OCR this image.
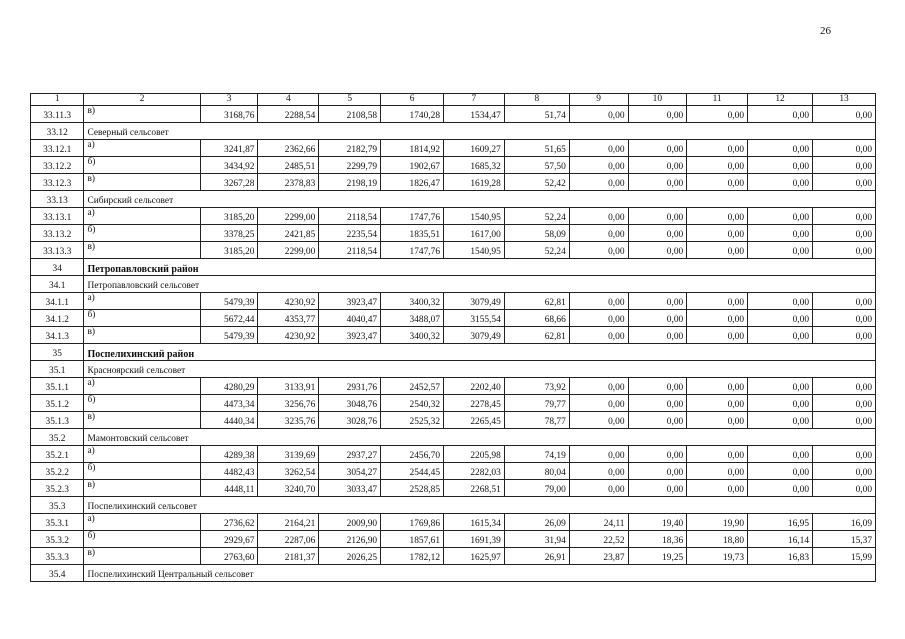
26
1	2	3	4	5	6	7	8	9	10	11	12	13
33.11.3	в)	3168,76	2288,54	2108,58	1740,28	1534,47	51,74	0,00	0,00	0,00	0,00	0,00
33.12	Северный сельсовет											
33.12.1	а)	3241,87	2362,66	2182,79	1814,92	1609,27	51,65	0,00	0,00	0,00	0,00	0,00
33.12.2	б)	3434,92	2485,51	2299,79	1902,67	1685,32	57,50	0,00	0,00	0,00	0,00	0,00
33.12.3	в)	3267,28	2378,83	2198,19	1826,47	1619,28	52,42	0,00	0,00	0,00	0,00	0,00
33.13	Сибирский сельсовет											
33.13.1	а)	3185,20	2299,00	2118,54	1747,76	1540,95	52,24	0,00	0,00	0,00	0,00	0,00
33.13.2	б)	3378,25	2421,85	2235,54	1835,51	1617,00	58,09	0,00	0,00	0,00	0,00	0,00
33.13.3	в)	3185,20	2299,00	2118,54	1747,76	1540,95	52,24	0,00	0,00	0,00	0,00	0,00
34	Петропавловский район											
34.1	Петропавловский сельсовет											
34.1.1	а)	5479,39	4230,92	3923,47	3400,32	3079,49	62,81	0,00	0,00	0,00	0,00	0,00
34.1.2	б)	5672,44	4353,77	4040,47	3488,07	3155,54	68,66	0,00	0,00	0,00	0,00	0,00
34.1.3	в)	5479,39	4230,92	3923,47	3400,32	3079,49	62,81	0,00	0,00	0,00	0,00	0,00
35	Поспелихинский район											
35.1	Красноярский сельсовет											
35.1.1	а)	4280,29	3133,91	2931,76	2452,57	2202,40	73,92	0,00	0,00	0,00	0,00	0,00
35.1.2	б)	4473,34	3256,76	3048,76	2540,32	2278,45	79,77	0,00	0,00	0,00	0,00	0,00
35.1.3	в)	4440,34	3235,76	3028,76	2525,32	2265,45	78,77	0,00	0,00	0,00	0,00	0,00
35.2	Мамонтовский сельсовет											
35.2.1	а)	4289,38	3139,69	2937,27	2456,70	2205,98	74,19	0,00	0,00	0,00	0,00	0,00
35.2.2	б)	4482,43	3262,54	3054,27	2544,45	2282,03	80,04	0,00	0,00	0,00	0,00	0,00
35.2.3	в)	4448,11	3240,70	3033,47	2528,85	2268,51	79,00	0,00	0,00	0,00	0,00	0,00
35.3	Поспелихинский сельсовет											
35.3.1	а)	2736,62	2164,21	2009,90	1769,86	1615,34	26,09	24,11	19,40	19,90	16,95	16,09
35.3.2	б)	2929,67	2287,06	2126,90	1857,61	1691,39	31,94	22,52	18,36	18,80	16,14	15,37
35.3.3	в)	2763,60	2181,37	2026,25	1782,12	1625,97	26,91	23,87	19,25	19,73	16,83	15,99
35.4	Поспелихинский Центральный сельсовет											
